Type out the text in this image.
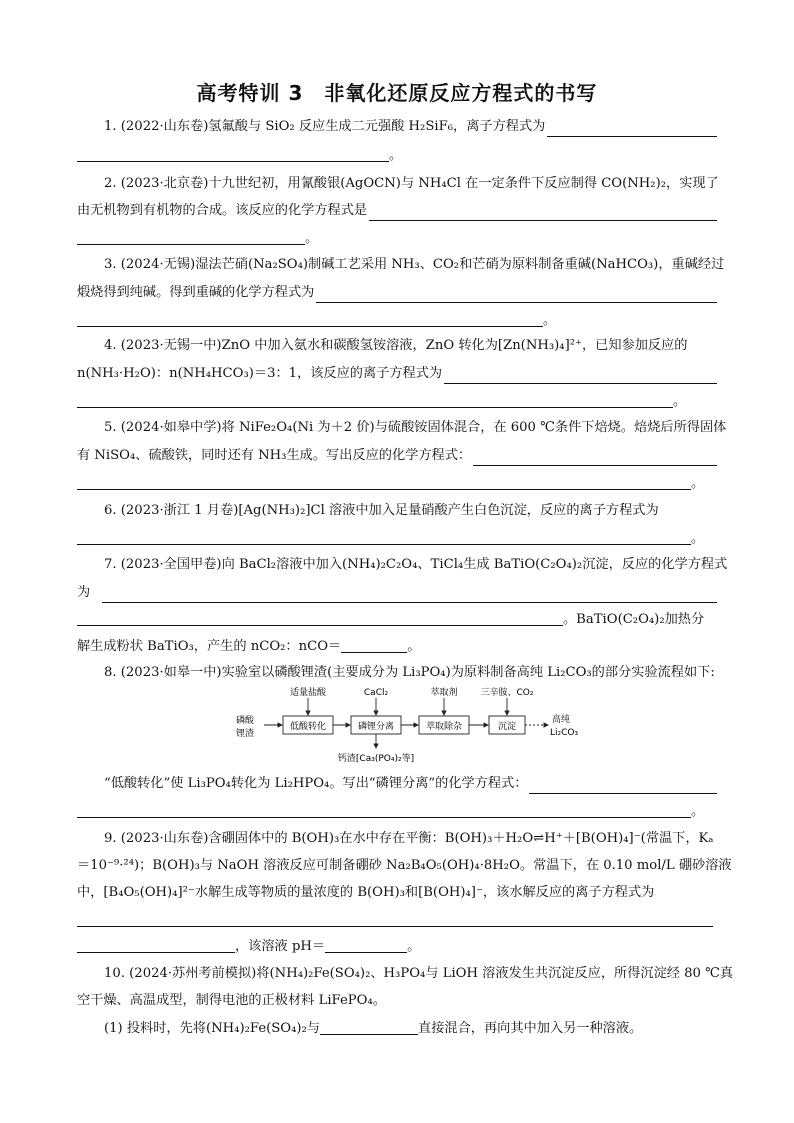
高考特训 3　非氧化还原反应方程式的书写
1. (2022·山东卷)氢氟酸与 SiO₂ 反应生成二元强酸 H₂SiF₆，离子方程式为
。
2. (2023·北京卷)十九世纪初，用氰酸银(AgOCN)与 NH₄Cl 在一定条件下反应制得 CO(NH₂)₂，实现了
由无机物到有机物的合成。该反应的化学方程式是
。
3. (2024·无锡)湿法芒硝(Na₂SO₄)制碱工艺采用 NH₃、CO₂和芒硝为原料制备重碱(NaHCO₃)，重碱经过
煅烧得到纯碱。得到重碱的化学方程式为
。
4. (2023·无锡一中)ZnO 中加入氨水和碳酸氢铵溶液，ZnO 转化为[Zn(NH₃)₄]²⁺，已知参加反应的
n(NH₃·H₂O)：n(NH₄HCO₃)＝3：1，该反应的离子方程式为
。
5. (2024·如皋中学)将 NiFe₂O₄(Ni 为＋2 价)与硫酸铵固体混合，在 600 ℃条件下焙烧。焙烧后所得固体
有 NiSO₄、硫酸铁，同时还有 NH₃生成。写出反应的化学方程式：
。
6. (2023·浙江 1 月卷)[Ag(NH₃)₂]Cl 溶液中加入足量硝酸产生白色沉淀，反应的离子方程式为
。
7. (2023·全国甲卷)向 BaCl₂溶液中加入(NH₄)₂C₂O₄、TiCl₄生成 BaTiO(C₂O₄)₂沉淀，反应的化学方程式
为
。BaTiO(C₂O₄)₂加热分
解生成粉状 BaTiO₃，产生的 nCO₂：nCO＝	。
8. (2023·如皋一中)实验室以磷酸锂渣(主要成分为 Li₃PO₄)为原料制备高纯 Li₂CO₃的部分实验流程如下:
磷酸
锂渣
低酸转化	磷锂分离	萃取除杂	沉淀
高纯
Li₂CO₃
适量盐酸	CaCl₂	萃取剂	三辛胺、CO₂
钙渣[Ca₃(PO₄)₂等]
“低酸转化”使 Li₃PO₄转化为 Li₂HPO₄。写出“磷锂分离”的化学方程式：
。
9. (2023·山东卷)含硼固体中的 B(OH)₃在水中存在平衡：B(OH)₃＋H₂O⇌H⁺＋[B(OH)₄]⁻(常温下，Kₐ
＝10⁻⁹·²⁴)；B(OH)₃与 NaOH 溶液反应可制备硼砂 Na₂B₄O₅(OH)₄·8H₂O。常温下，在 0.10 mol/L 硼砂溶液
中，[B₄O₅(OH)₄]²⁻水解生成等物质的量浓度的 B(OH)₃和[B(OH)₄]⁻，该水解反应的离子方程式为
，该溶液 pH＝	。
10. (2024·苏州考前模拟)将(NH₄)₂Fe(SO₄)₂、H₃PO₄与 LiOH 溶液发生共沉淀反应，所得沉淀经 80 ℃真
空干燥、高温成型，制得电池的正极材料 LiFePO₄。
(1) 投料时，先将(NH₄)₂Fe(SO₄)₂与	直接混合，再向其中加入另一种溶液。
